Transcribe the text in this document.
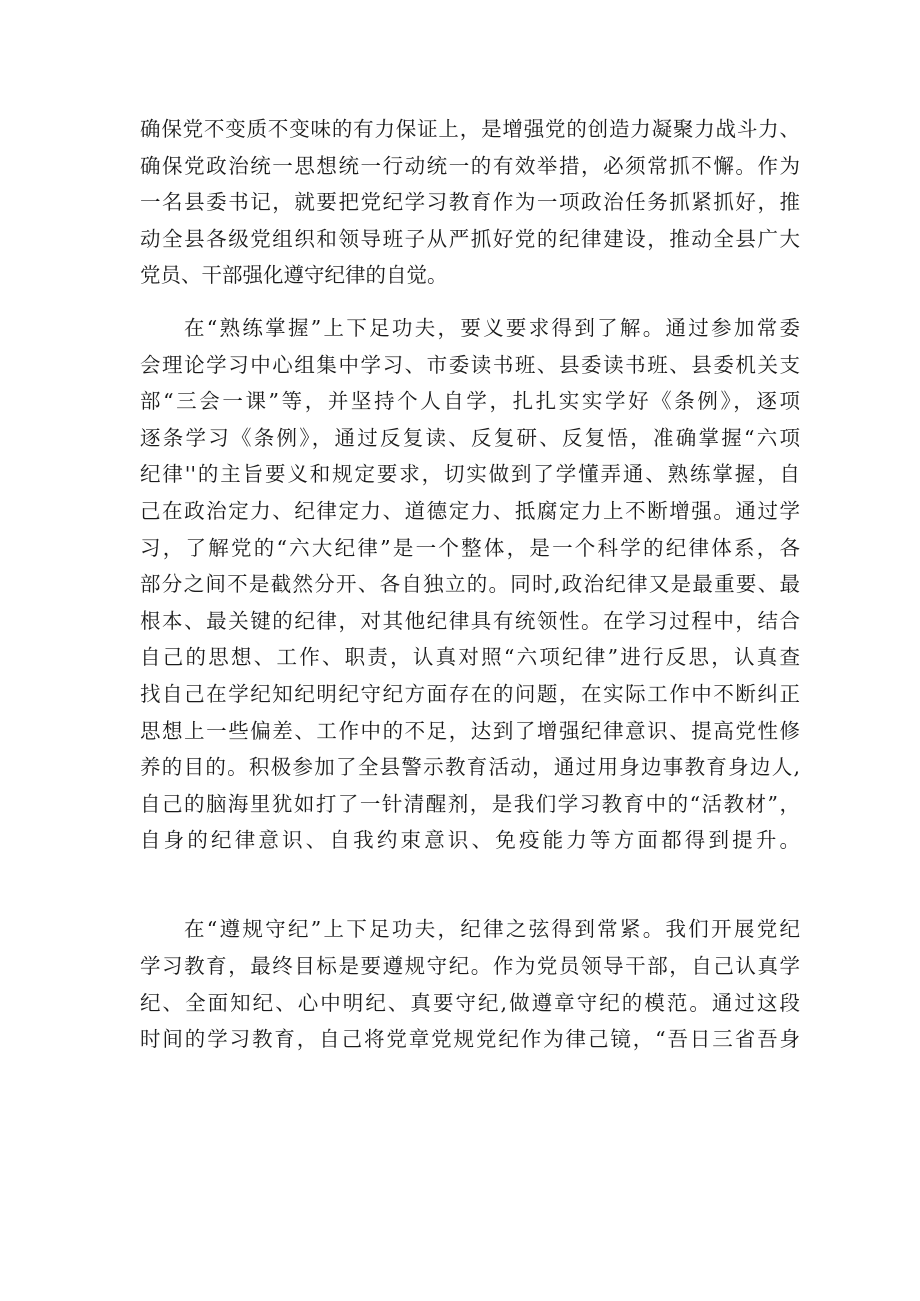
确保党不变质不变味的有力保证上，是增强党的创造力凝聚力战斗力、
确保党政治统一思想统一行动统一的有效举措，必须常抓不懈。作为
一名县委书记，就要把党纪学习教育作为一项政治任务抓紧抓好，推
动全县各级党组织和领导班子从严抓好党的纪律建设，推动全县广大
党员、干部强化遵守纪律的自觉。
在“熟练掌握”上下足功夫，要义要求得到了解。通过参加常委
会理论学习中心组集中学习、市委读书班、县委读书班、县委机关支
部“三会一课”等，并坚持个人自学，扎扎实实学好《条例》，逐项
逐条学习《条例》，通过反复读、反复研、反复悟，准确掌握“六项
纪律''的主旨要义和规定要求，切实做到了学懂弄通、熟练掌握，自
己在政治定力、纪律定力、道德定力、抵腐定力上不断增强。通过学
习，了解党的“六大纪律”是一个整体，是一个科学的纪律体系，各
部分之间不是截然分开、各自独立的。同时,政治纪律又是最重要、最
根本、最关键的纪律，对其他纪律具有统领性。在学习过程中，结合
自己的思想、工作、职责，认真对照“六项纪律”进行反思，认真查
找自己在学纪知纪明纪守纪方面存在的问题，在实际工作中不断纠正
思想上一些偏差、工作中的不足，达到了增强纪律意识、提高党性修
养的目的。积极参加了全县警示教育活动，通过用身边事教育身边人,
自己的脑海里犹如打了一针清醒剂，是我们学习教育中的“活教材”，
自身的纪律意识、自我约束意识、免疫能力等方面都得到提升。
在“遵规守纪”上下足功夫，纪律之弦得到常紧。我们开展党纪
学习教育，最终目标是要遵规守纪。作为党员领导干部，自己认真学
纪、全面知纪、心中明纪、真要守纪,做遵章守纪的模范。通过这段
时间的学习教育，自己将党章党规党纪作为律己镜，“吾日三省吾身
